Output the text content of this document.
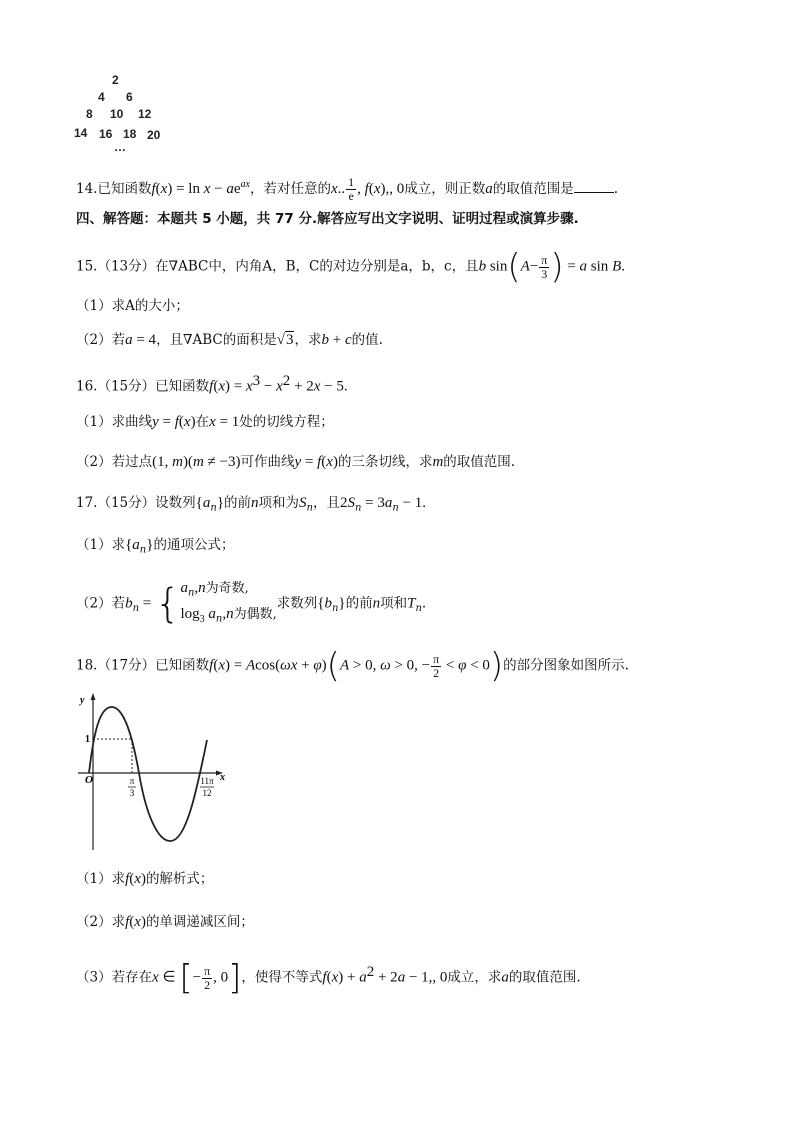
2
4 6
8 10 12
14 16 18 20
…
14.已知函数$f(x) = \ln x - ae^{ax}$，若对任意的x.. $\frac{1}{e}$ , f(x),, 0成立，则正数a的取值范围是	.
四、解答题：本题共 5 小题，共 77 分.解答应写出文字说明、证明过程或演算步骤.
15.（13分）在∇ABC中，内角A，B，C的对边分别是a，b，c，且b $\sin(A- \frac{\pi}{3}$ ) = a sin B.
（1）求A的大小；
（2）若a = 4，且∇ABC的面积是√3，求b + c的值.
16.（15分）已知函数$f(x) = x^3 - x^2 + 2x - 5$.
（1）求曲线y = f(x)在x = 1处的切线方程；
（2）若过点(1, m)(m ≠ −3)可作曲线y = f(x)的三条切线，求m的取值范围.
17.（15分）设数列$\{a_n\}$的前n项和为$S_n$，且$2S_n = 3a_n - 1$.
（1）求$\{a_n\}$的通项公式；
（2）若$b_n$ = { $a_n,n$为奇数,
$\log_3 a_n,n$为偶数,
求数列$\{b_n\}$的前n项和$T_n$.
18.（17分）已知函数f(x) = Acos(ωx + φ)(A > 0, ω > 0, − $\frac{\pi}{2} < \varphi < 0$)的部分图象如图所示.
y
x
O
1
π
3
11π
12
（1）求f(x)的解析式；
（2）求f(x)的单调递减区间；
（3）若存在x ∈ [− $\frac{\pi}{2}$ , 0]，使得不等式$f(x) + a^2 + 2a - 1$,, 0成立，求a的取值范围.
